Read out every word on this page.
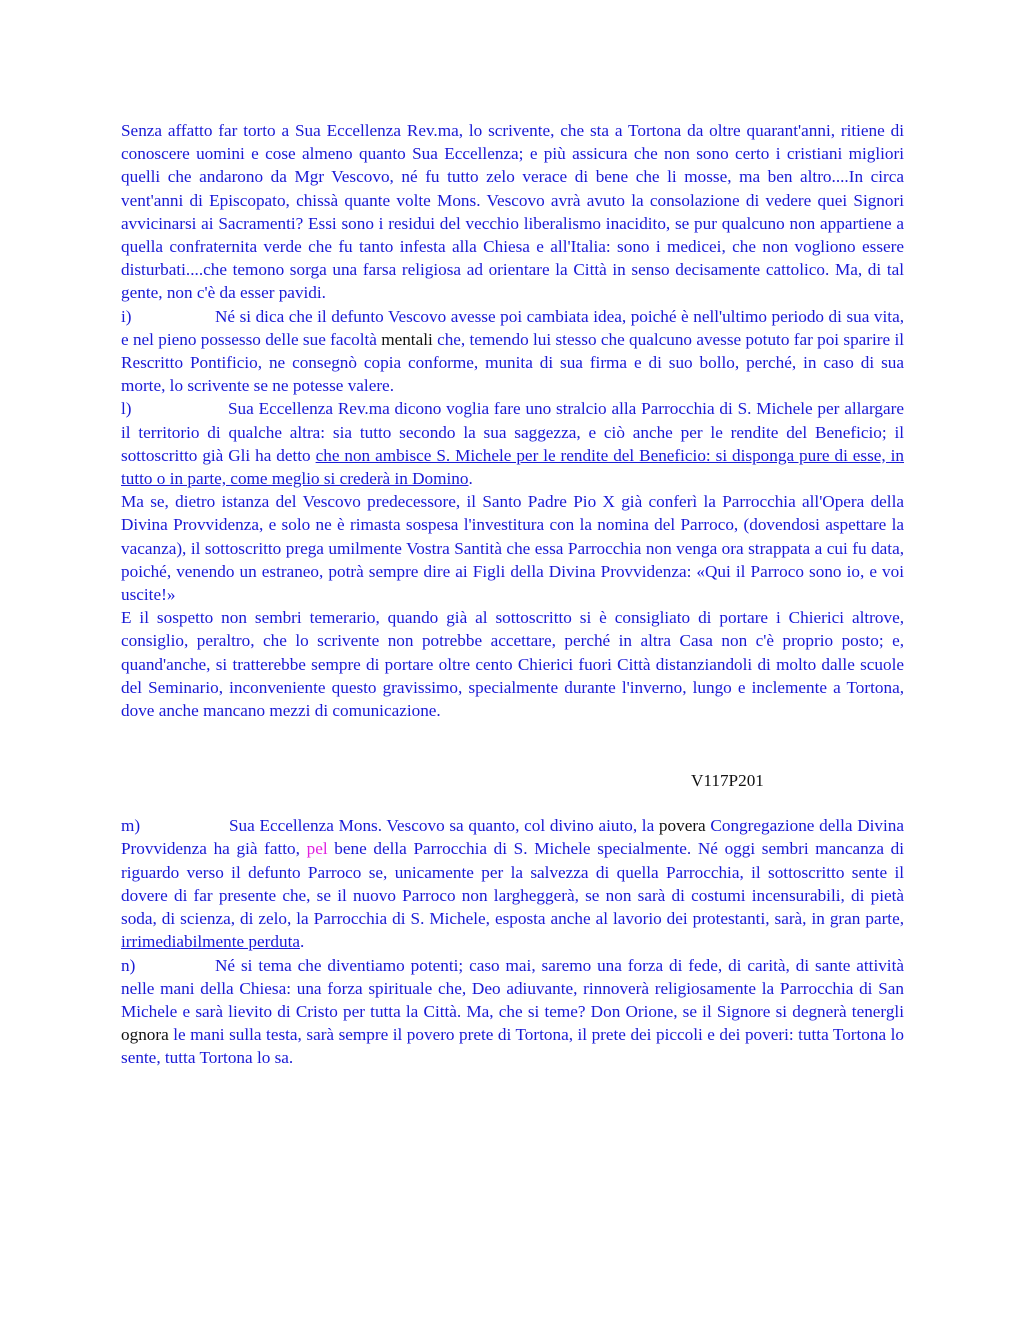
Senza affatto far torto a Sua Eccellenza Rev.ma, lo scrivente, che sta a Tortona da oltre quarant'anni, ritiene di conoscere uomini e cose almeno quanto Sua Eccellenza; e più assicura che non sono certo i cristiani migliori quelli che andarono da Mgr Vescovo, né fu tutto zelo verace di bene che li mosse, ma ben altro....In circa vent'anni di Episcopato, chissà quante volte Mons. Vescovo avrà avuto la consolazione di vedere quei Signori avvicinarsi ai Sacramenti? Essi sono i residui del vecchio liberalismo inacidito, se pur qualcuno non appartiene a quella confraternita verde che fu tanto infesta alla Chiesa e all'Italia: sono i medicei, che non vogliono essere disturbati....che temono sorga una farsa religiosa ad orientare la Città in senso decisamente cattolico. Ma, di tal gente, non c'è da esser pavidi.

i)	Né si dica che il defunto Vescovo avesse poi cambiata idea, poiché è nell'ultimo periodo di sua vita, e nel pieno possesso delle sue facoltà mentali che, temendo lui stesso che qualcuno avesse potuto far poi sparire il Rescritto Pontificio, ne consegnò copia conforme, munita di sua firma e di suo bollo, perché, in caso di sua morte, lo scrivente se ne potesse valere.

l)	Sua Eccellenza Rev.ma dicono voglia fare uno stralcio alla Parrocchia di S. Michele per allargare il territorio di qualche altra: sia tutto secondo la sua saggezza, e ciò anche per le rendite del Beneficio; il sottoscritto già Gli ha detto che non ambisce S. Michele per le rendite del Beneficio: si disponga pure di esse, in tutto o in parte, come meglio si crederà in Domino.

Ma se, dietro istanza del Vescovo predecessore, il Santo Padre Pio X già conferì la Parrocchia all'Opera della Divina Provvidenza, e solo ne è rimasta sospesa l'investitura con la nomina del Parroco, (dovendosi aspettare la vacanza), il sottoscritto prega umilmente Vostra Santità che essa Parrocchia non venga ora strappata a cui fu data, poiché, venendo un estraneo, potrà sempre dire ai Figli della Divina Provvidenza: «Qui il Parroco sono io, e voi uscite!»

E il sospetto non sembri temerario, quando già al sottoscritto si è consigliato di portare i Chierici altrove, consiglio, peraltro, che lo scrivente non potrebbe accettare, perché in altra Casa non c'è proprio posto; e, quand'anche, si tratterebbe sempre di portare oltre cento Chierici fuori Città distanziandoli di molto dalle scuole del Seminario, inconveniente questo gravissimo, specialmente durante l'inverno, lungo e inclemente a Tortona, dove anche mancano mezzi di comunicazione.

V117P201

m)	Sua Eccellenza Mons. Vescovo sa quanto, col divino aiuto, la povera Congregazione della Divina Provvidenza ha già fatto, pel bene della Parrocchia di S. Michele specialmente. Né oggi sembri mancanza di riguardo verso il defunto Parroco se, unicamente per la salvezza di quella Parrocchia, il sottoscritto sente il dovere di far presente che, se il nuovo Parroco non largheggerà, se non sarà di costumi incensurabili, di pietà soda, di scienza, di zelo, la Parrocchia di S. Michele, esposta anche al lavorio dei protestanti, sarà, in gran parte, irrimediabilmente perduta.

n)	Né si tema che diventiamo potenti; caso mai, saremo una forza di fede, di carità, di sante attività nelle mani della Chiesa: una forza spirituale che, Deo adiuvante, rinnoverà religiosamente la Parrocchia di San Michele e sarà lievito di Cristo per tutta la Città. Ma, che si teme? Don Orione, se il Signore si degnerà tenergli ognora le mani sulla testa, sarà sempre il povero prete di Tortona, il prete dei piccoli e dei poveri: tutta Tortona lo sente, tutta Tortona lo sa.
